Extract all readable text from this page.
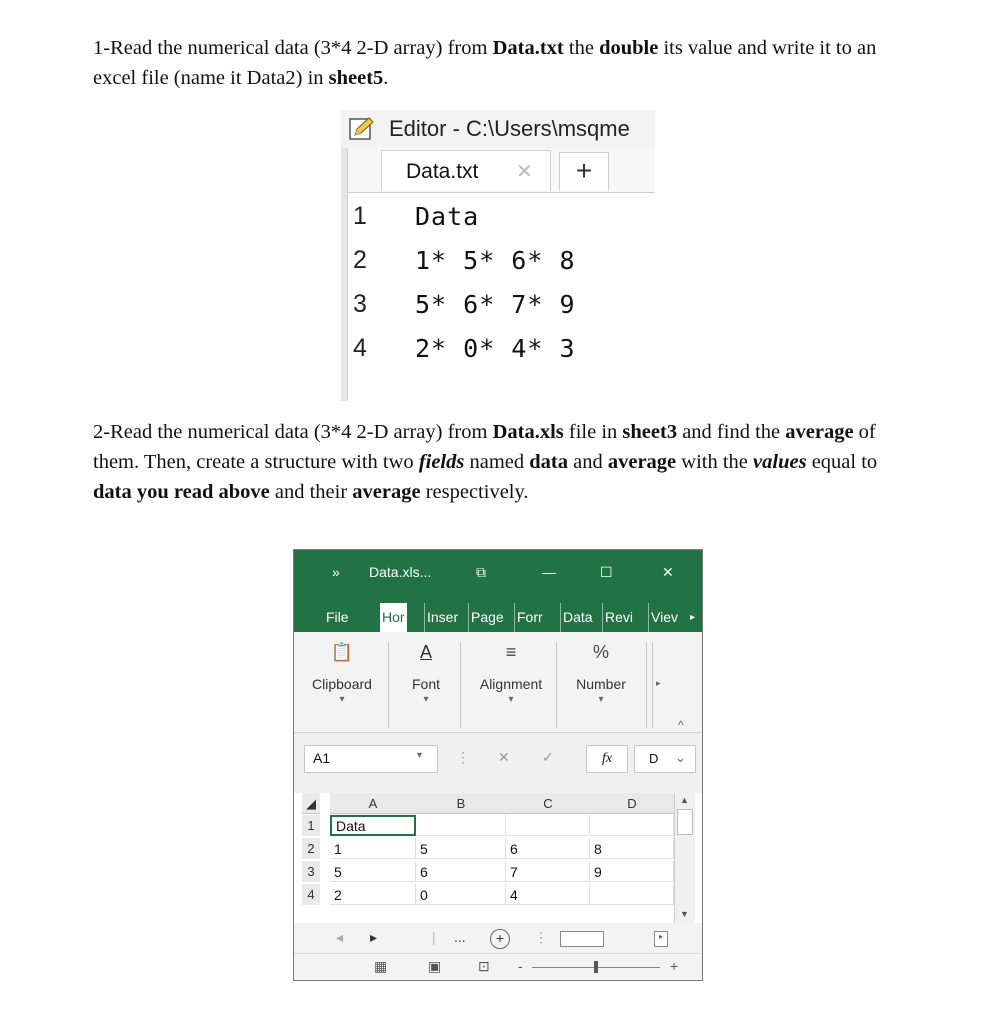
1-Read the numerical data (3*4 2-D array) from Data.txt the double its value and write it to an excel file (name it Data2) in sheet5.
Editor - C:\Users\msqme
Data.txt ✕	+
1 Data
2 1* 5* 6* 8
3 5* 6* 7* 9
4 2* 0* 4* 3
2-Read the numerical data (3*4 2-D array) from Data.xls file in sheet3 and find the average of them. Then, create a structure with two fields named data and average with the values equal to data you read above and their average respectively.
» Data.xls...	⧉	—	☐	✕
File Hor Inser Page Forr Data Revi Viev ▸
📋
Clipboard
▾
A
Font
▾
≡
Alignment
▾
%
Number
▾
▸
^
A1	▾ ⋮ ✕ ✓	fx	D ⌄
◢	A	B	C	D
1	Data
2	1	5	6	8
3	5	6	7	9
4	2	0	4
▲
▼
◂ ▸	| ...	+	⋮	▸
▦	▣	⊡ -	+
